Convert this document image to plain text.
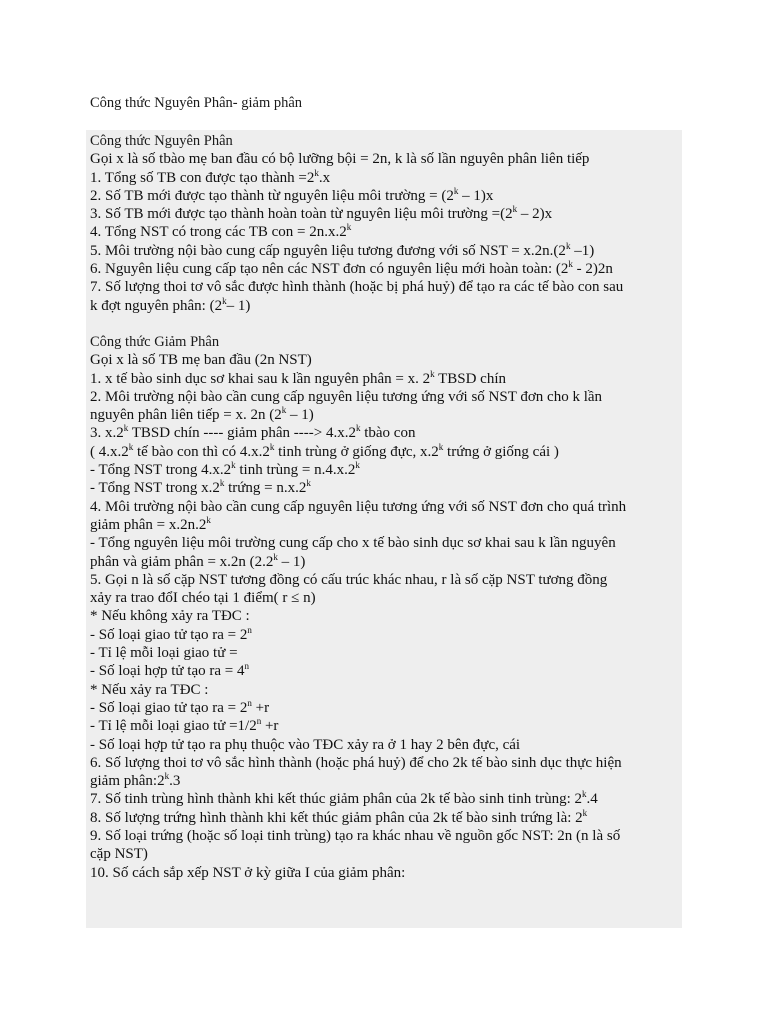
Công thức Nguyên Phân- giảm phân
Công thức Nguyên Phân
Gọi x là số tbào mẹ ban đầu có bộ lưỡng bội = 2n, k là số lần nguyên phân liên tiếp
1. Tổng số TB con được tạo thành $=2^k.x$
2. Số TB mới được tạo thành từ nguyên liệu môi trường = $(2^k - 1)x$
3. Số TB mới được tạo thành hoàn toàn từ nguyên liệu môi trường $=(2^k - 2)x$
4. Tổng NST có trong các TB con = $2n.x.2^k$
5. Môi trường nội bào cung cấp nguyên liệu tương đương với số NST = $x.2n.(2^k$ –1)
6. Nguyên liệu cung cấp tạo nên các NST đơn có nguyên liệu mới hoàn toàn: (2$^k$ - 2)2n
7. Số lượng thoi tơ vô sắc được hình thành (hoặc bị phá huỷ) để tạo ra các tế bào con sau
k đợt nguyên phân: (2$^k$– 1)
Công thức Giảm Phân
Gọi x là số TB mẹ ban đầu (2n NST)
1. x tế bào sinh dục sơ khai sau k lần nguyên phân = x. 2$^k$ TBSD chín
2. Môi trường nội bào cần cung cấp nguyên liệu tương ứng với số NST đơn cho k lần
nguyên phân liên tiếp = x. 2n (2$^k$ – 1)
3. x.2$^k$ TBSD chín ---- giảm phân ----> $4.x.2^k$ tbào con
( 4.x.2$^k$ tế bào con thì có 4.x.2$^k$ tinh trùng ở giống đực, x.2$^k$ trứng ở giống cái )
- Tổng NST trong 4.x.2$^k$ tinh trùng = $n.4.x.2^k$
- Tổng NST trong x.2$^k$ trứng = $n.x.2^k$
4. Môi trường nội bào cần cung cấp nguyên liệu tương ứng với số NST đơn cho quá trình
giảm phân = $x.2n.2^k$
- Tổng nguyên liệu môi trường cung cấp cho x tế bào sinh dục sơ khai sau k lần nguyên
phân và giảm phân = x.2n (2.2$^k$ – 1)
5. Gọi n là số cặp NST tương đồng có cấu trúc khác nhau, r là số cặp NST tương đồng
xảy ra trao đổI chéo tại 1 điểm( r ≤ n)
* Nếu không xảy ra TĐC :
- Số loại giao tử tạo ra = $2^n$
- Tỉ lệ mỗi loại giao tử =
- Số loại hợp tử tạo ra = $4^n$
* Nếu xảy ra TĐC :
- Số loại giao tử tạo ra = $2^n +r$
- Tỉ lệ mỗi loại giao tử $=1/2^n +r$
- Số loại hợp tử tạo ra phụ thuộc vào TĐC xảy ra ở 1 hay 2 bên đực, cái
6. Số lượng thoi tơ vô sắc hình thành (hoặc phá huỷ) để cho 2k tế bào sinh dục thực hiện
giảm phân:2$^k$.3
7. Số tinh trùng hình thành khi kết thúc giảm phân của 2k tế bào sinh tinh trùng: 2$^k$.4
8. Số lượng trứng hình thành khi kết thúc giảm phân của 2k tế bào sinh trứng là: 2$^k$
9. Số loại trứng (hoặc số loại tinh trùng) tạo ra khác nhau về nguồn gốc NST: 2n (n là số
cặp NST)
10. Số cách sắp xếp NST ở kỳ giữa I của giảm phân:
